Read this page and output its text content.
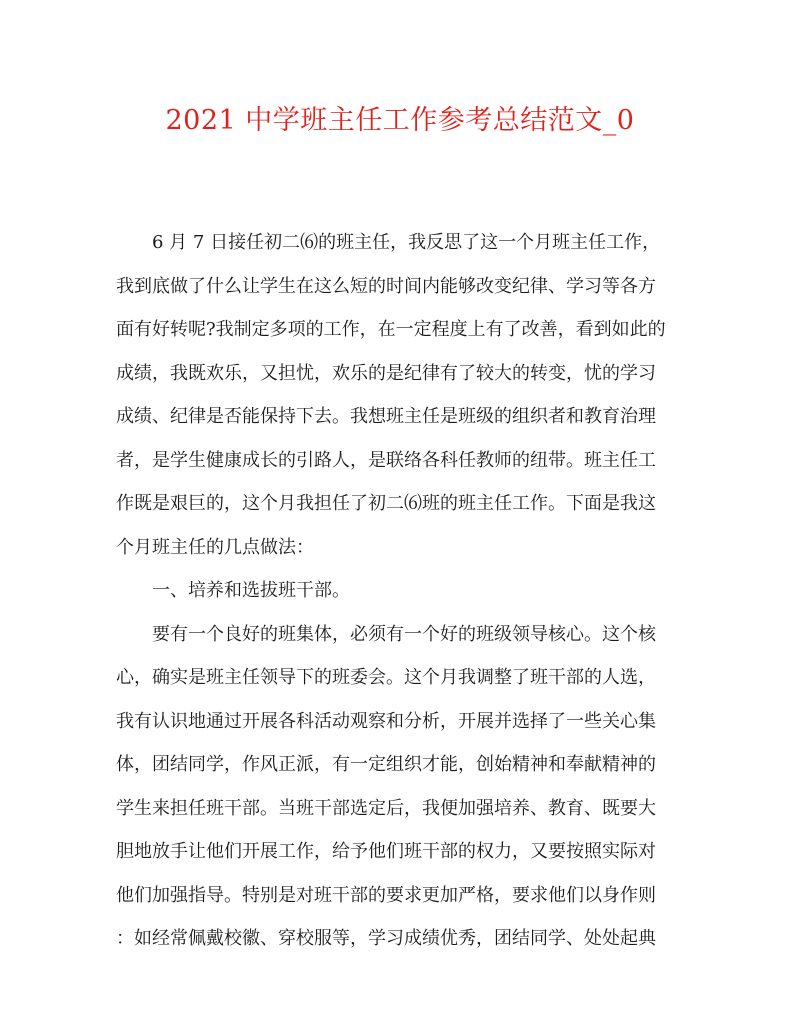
2021 中学班主任工作参考总结范文_0

6 月 7 日接任初二⑹的班主任，我反思了这一个月班主任工作，

我到底做了什么让学生在这么短的时间内能够改变纪律、学习等各方

面有好转呢?我制定多项的工作，在一定程度上有了改善，看到如此的

成绩，我既欢乐，又担忧，欢乐的是纪律有了较大的转变，忧的学习

成绩、纪律是否能保持下去。我想班主任是班级的组织者和教育治理

者，是学生健康成长的引路人，是联络各科任教师的纽带。班主任工

作既是艰巨的，这个月我担任了初二⑹班的班主任工作。下面是我这

个月班主任的几点做法：

一、培养和选拔班干部。

要有一个良好的班集体，必须有一个好的班级领导核心。这个核

心，确实是班主任领导下的班委会。这个月我调整了班干部的人选，

我有认识地通过开展各科活动观察和分析，开展并选择了一些关心集

体，团结同学，作风正派，有一定组织才能，创始精神和奉献精神的

学生来担任班干部。当班干部选定后，我便加强培养、教育、既要大

胆地放手让他们开展工作，给予他们班干部的权力，又要按照实际对

他们加强指导。特别是对班干部的要求更加严格，要求他们以身作则

：如经常佩戴校徽、穿校服等，学习成绩优秀，团结同学、处处起典
